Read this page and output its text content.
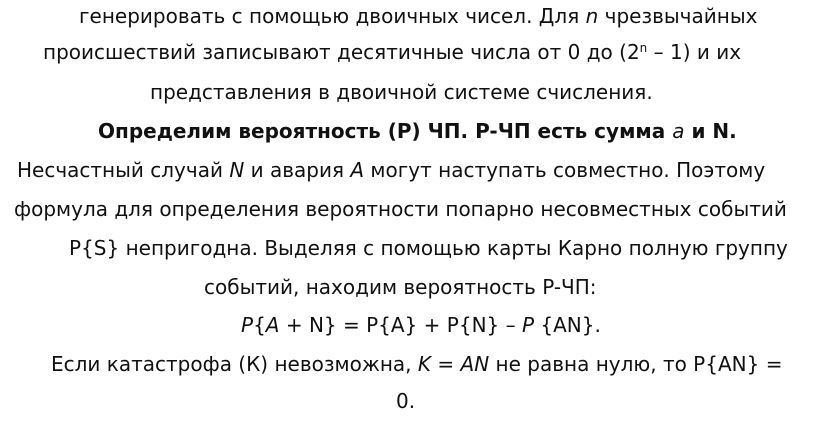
генерировать с помощью двоичных чисел. Для n чрезвычайных
происшествий записывают десятичные числа от 0 до (2$^n$ – 1) и их
представления в двоичной системе счисления.
Определим вероятность (P) ЧП. P-ЧП есть сумма a и N.
Несчастный случай N и авария A могут наступать совместно. Поэтому
формула для определения вероятности попарно несовместных событий
P{S} непригодна. Выделяя с помощью карты Карно полную группу
событий, находим вероятность P-ЧП:
P{A + N} = P{A} + P{N} – P {AN}.
Если катастрофа (К) невозможна, K = AN не равна нулю, то P{AN} =
0.
